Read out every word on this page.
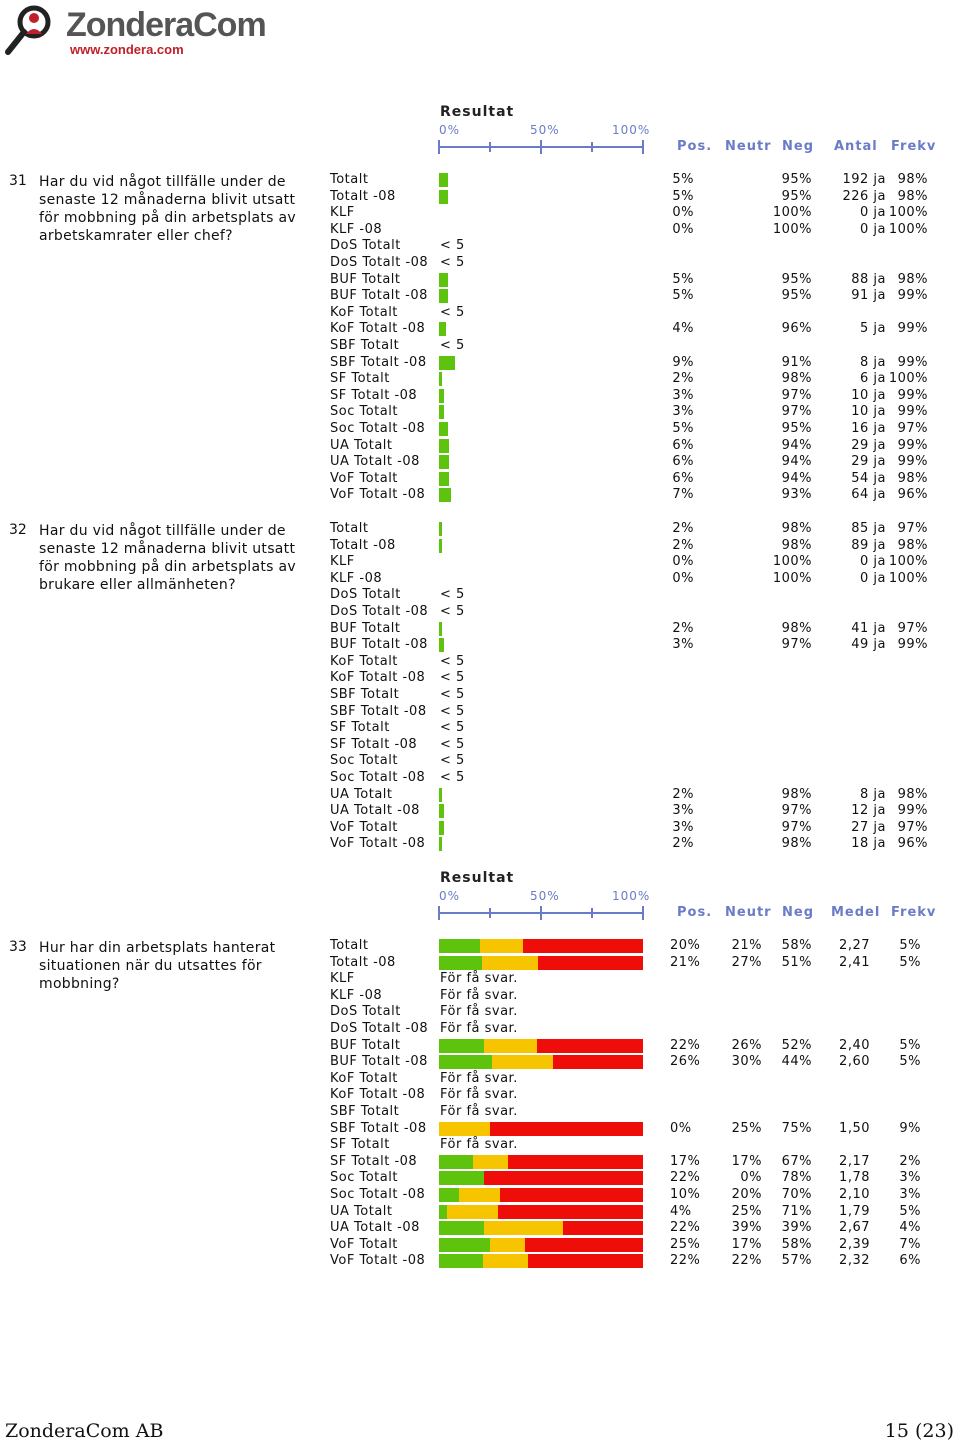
ZonderaCom
www.zondera.com
Resultat
0%	50%	100%
Pos. Neutr Neg Antal Frekv
31 Har du vid något tillfälle under de senaste 12 månaderna blivit utsatt för mobbning på din arbetsplats av arbetskamrater eller chef?
Totalt	5%	95%	192 ja 98%
Totalt -08	5%	95%	226 ja 98%
KLF	0%	100%	0 ja 100%
KLF -08	0%	100%	0 ja 100%
DoS Totalt	< 5
DoS Totalt -08 < 5
BUF Totalt	5%	95%	88 ja 98%
BUF Totalt -08	5%	95%	91 ja 99%
KoF Totalt	< 5
KoF Totalt -08	4%	96%	5 ja 99%
SBF Totalt	< 5
SBF Totalt -08	9%	91%	8 ja 99%
SF Totalt	2%	98%	6 ja 100%
SF Totalt -08	3%	97%	10 ja 99%
Soc Totalt	3%	97%	10 ja 99%
Soc Totalt -08	5%	95%	16 ja 97%
UA Totalt	6%	94%	29 ja 99%
UA Totalt -08	6%	94%	29 ja 99%
VoF Totalt	6%	94%	54 ja 98%
VoF Totalt -08	7%	93%	64 ja 96%
32 Har du vid något tillfälle under de senaste 12 månaderna blivit utsatt för mobbning på din arbetsplats av brukare eller allmänheten?
Totalt	2%	98%	85 ja 97%
Totalt -08	2%	98%	89 ja 98%
KLF	0%	100%	0 ja 100%
KLF -08	0%	100%	0 ja 100%
DoS Totalt	< 5
DoS Totalt -08 < 5
BUF Totalt	2%	98%	41 ja 97%
BUF Totalt -08	3%	97%	49 ja 99%
KoF Totalt	< 5
KoF Totalt -08 < 5
SBF Totalt	< 5
SBF Totalt -08 < 5
SF Totalt	< 5
SF Totalt -08 < 5
Soc Totalt	< 5
Soc Totalt -08 < 5
UA Totalt	2%	98%	8 ja 98%
UA Totalt -08	3%	97%	12 ja 99%
VoF Totalt	3%	97%	27 ja 97%
VoF Totalt -08	2%	98%	18 ja 96%
Resultat
0%	50%	100%
Pos. Neutr Neg Medel Frekv
33 Hur har din arbetsplats hanterat situationen när du utsattes för mobbning?
Totalt	20% 21% 58%	2,27	5%
Totalt -08	21% 27% 51%	2,41	5%
KLF	För få svar.
KLF -08	För få svar.
DoS Totalt	För få svar.
DoS Totalt -08 För få svar.
BUF Totalt	22% 26% 52%	2,40	5%
BUF Totalt -08	26% 30% 44%	2,60	5%
KoF Totalt	För få svar.
KoF Totalt -08 För få svar.
SBF Totalt	För få svar.
SBF Totalt -08	0%	25% 75%	1,50	9%
SF Totalt	För få svar.
SF Totalt -08	17% 17% 67%	2,17	2%
Soc Totalt	22%	0% 78%	1,78	3%
Soc Totalt -08	10% 20% 70%	2,10	3%
UA Totalt	4%	25% 71%	1,79	5%
UA Totalt -08	22% 39% 39%	2,67	4%
VoF Totalt	25% 17% 58%	2,39	7%
VoF Totalt -08	22% 22% 57%	2,32	6%
ZonderaCom AB	15 (23)
